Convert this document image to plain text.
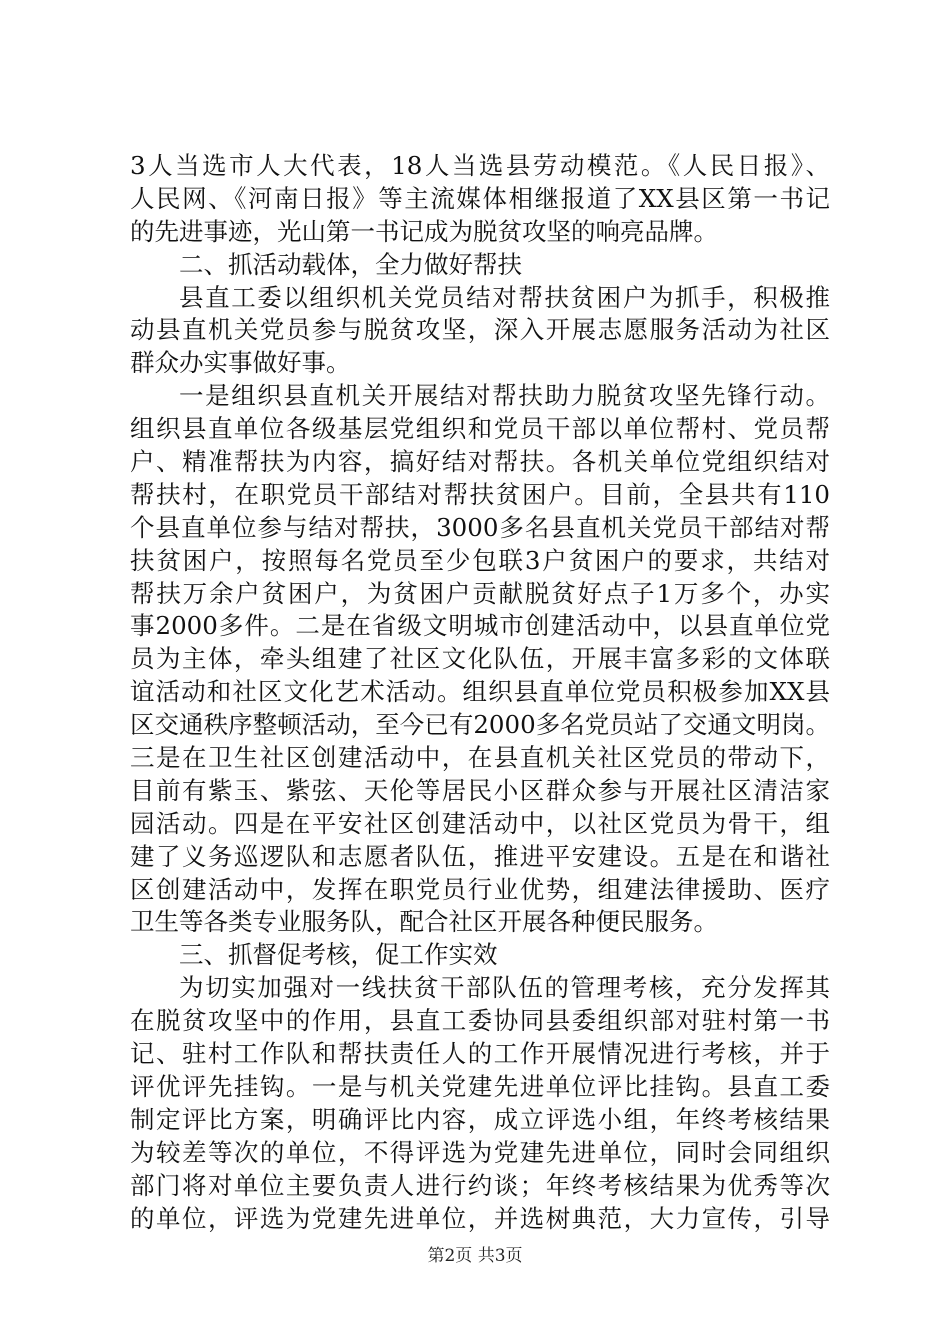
3人当选市人大代表，18人当选县劳动模范。《人民日报》、
人民网、《河南日报》等主流媒体相继报道了XX县区第一书记
的先进事迹，光山第一书记成为脱贫攻坚的响亮品牌。
二、抓活动载体，全力做好帮扶
县直工委以组织机关党员结对帮扶贫困户为抓手，积极推
动县直机关党员参与脱贫攻坚，深入开展志愿服务活动为社区
群众办实事做好事。
一是组织县直机关开展结对帮扶助力脱贫攻坚先锋行动。
组织县直单位各级基层党组织和党员干部以单位帮村、党员帮
户、精准帮扶为内容，搞好结对帮扶。各机关单位党组织结对
帮扶村，在职党员干部结对帮扶贫困户。目前，全县共有110
个县直单位参与结对帮扶，3000多名县直机关党员干部结对帮
扶贫困户，按照每名党员至少包联3户贫困户的要求，共结对
帮扶万余户贫困户，为贫困户贡献脱贫好点子1万多个，办实
事2000多件。二是在省级文明城市创建活动中，以县直单位党
员为主体，牵头组建了社区文化队伍，开展丰富多彩的文体联
谊活动和社区文化艺术活动。组织县直单位党员积极参加XX县
区交通秩序整顿活动，至今已有2000多名党员站了交通文明岗。
三是在卫生社区创建活动中，在县直机关社区党员的带动下，
目前有紫玉、紫弦、天伦等居民小区群众参与开展社区清洁家
园活动。四是在平安社区创建活动中，以社区党员为骨干，组
建了义务巡逻队和志愿者队伍，推进平安建设。五是在和谐社
区创建活动中，发挥在职党员行业优势，组建法律援助、医疗
卫生等各类专业服务队，配合社区开展各种便民服务。
三、抓督促考核，促工作实效
为切实加强对一线扶贫干部队伍的管理考核，充分发挥其
在脱贫攻坚中的作用，县直工委协同县委组织部对驻村第一书
记、驻村工作队和帮扶责任人的工作开展情况进行考核，并于
评优评先挂钩。一是与机关党建先进单位评比挂钩。县直工委
制定评比方案，明确评比内容，成立评选小组，年终考核结果
为较差等次的单位，不得评选为党建先进单位，同时会同组织
部门将对单位主要负责人进行约谈；年终考核结果为优秀等次
的单位，评选为党建先进单位，并选树典范，大力宣传，引导
第2页 共3页
